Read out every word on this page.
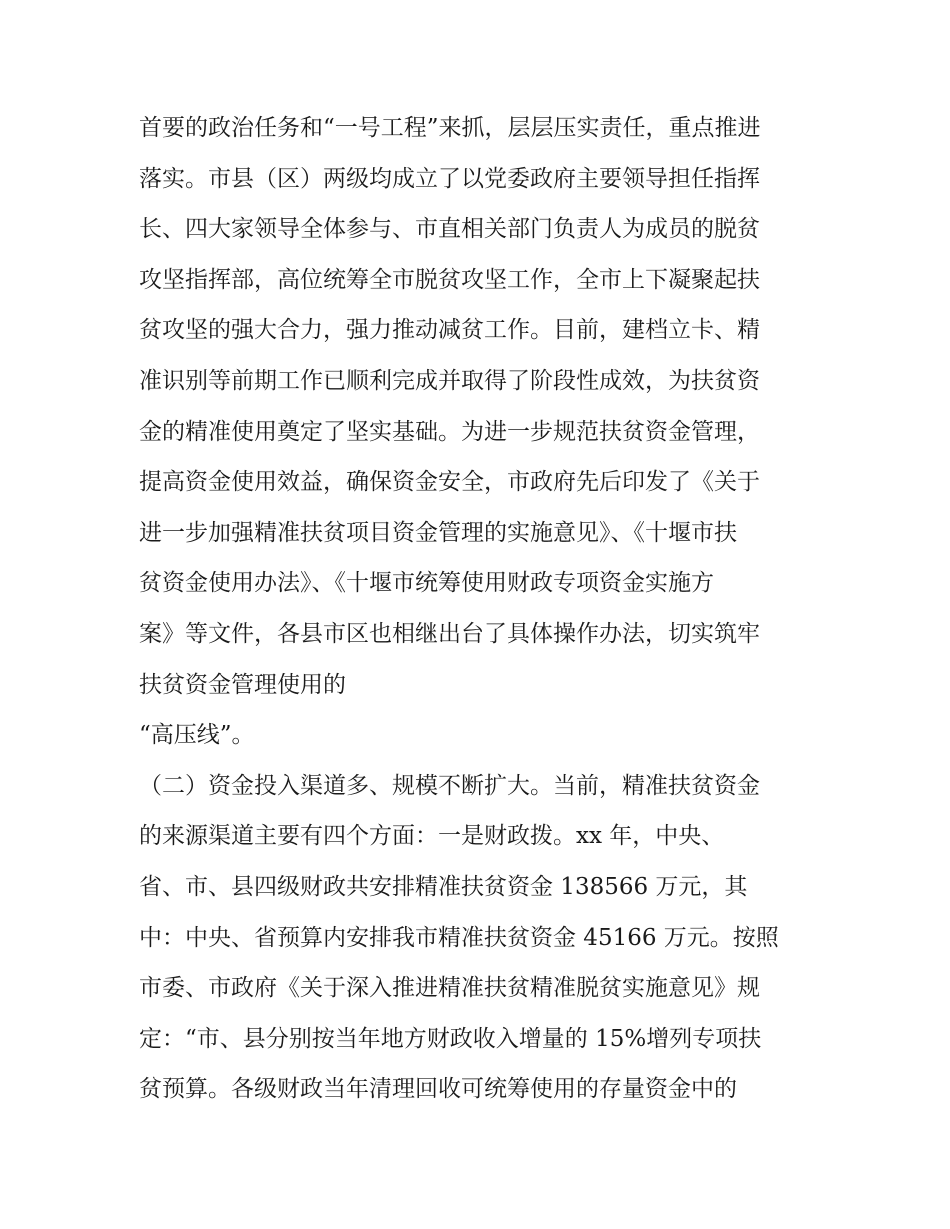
首要的政治任务和“一号工程”来抓，层层压实责任，重点推进
落实。市县（区）两级均成立了以党委政府主要领导担任指挥
长、四大家领导全体参与、市直相关部门负责人为成员的脱贫
攻坚指挥部，高位统筹全市脱贫攻坚工作，全市上下凝聚起扶
贫攻坚的强大合力，强力推动减贫工作。目前，建档立卡、精
准识别等前期工作已顺利完成并取得了阶段性成效，为扶贫资
金的精准使用奠定了坚实基础。为进一步规范扶贫资金管理，
提高资金使用效益，确保资金安全，市政府先后印发了《关于
进一步加强精准扶贫项目资金管理的实施意见》、《十堰市扶
贫资金使用办法》、《十堰市统筹使用财政专项资金实施方
案》等文件，各县市区也相继出台了具体操作办法，切实筑牢
扶贫资金管理使用的
“高压线”。
（二）资金投入渠道多、规模不断扩大。当前，精准扶贫资金
的来源渠道主要有四个方面：一是财政拨。xx 年，中央、
省、市、县四级财政共安排精准扶贫资金 138566 万元，其
中：中央、省预算内安排我市精准扶贫资金 45166 万元。按照
市委、市政府《关于深入推进精准扶贫精准脱贫实施意见》规
定：“市、县分别按当年地方财政收入增量的 15%增列专项扶
贫预算。各级财政当年清理回收可统筹使用的存量资金中的
